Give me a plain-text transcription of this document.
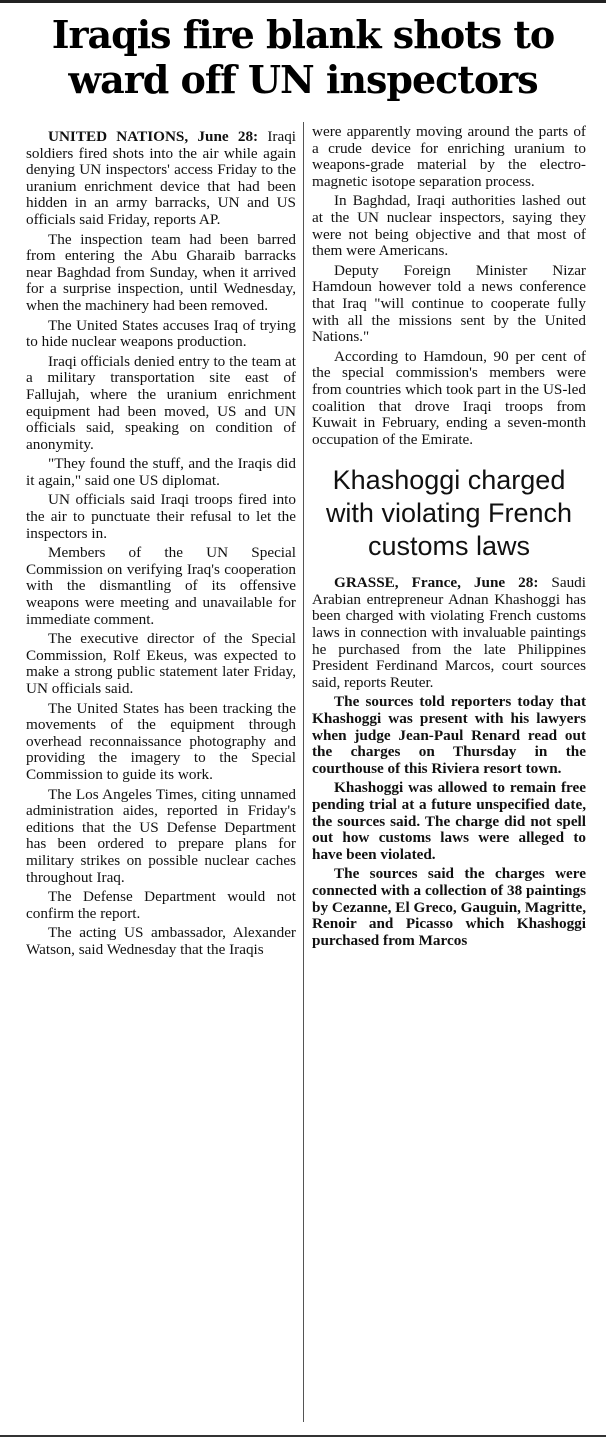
Iraqis fire blank shots to ward off UN inspectors

UNITED NATIONS, June 28: Iraqi soldiers fired shots into the air while again denying UN inspectors' access Friday to the uranium enrichment device that had been hidden in an army barracks, UN and US officials said Friday, reports AP.

The inspection team had been barred from entering the Abu Gharaib barracks near Baghdad from Sunday, when it arrived for a surprise inspection, until Wednesday, when the machinery had been removed.

The United States accuses Iraq of trying to hide nuclear weapons production.

Iraqi officials denied entry to the team at a military transportation site east of Fallujah, where the uranium enrichment equipment had been moved, US and UN officials said, speaking on condition of anonymity.

"They found the stuff, and the Iraqis did it again," said one US diplomat.

UN officials said Iraqi troops fired into the air to punctuate their refusal to let the inspectors in.

Members of the UN Special Commission on verifying Iraq's cooperation with the dismantling of its offensive weapons were meeting and unavailable for immediate comment.

The executive director of the Special Commission, Rolf Ekeus, was expected to make a strong public statement later Friday, UN officials said.

The United States has been tracking the movements of the equipment through overhead reconnaissance photography and providing the imagery to the Special Commission to guide its work.

The Los Angeles Times, citing unnamed administration aides, reported in Friday's editions that the US Defense Department has been ordered to prepare plans for military strikes on possible nuclear caches throughout Iraq.

The Defense Department would not confirm the report.

The acting US ambassador, Alexander Watson, said Wednesday that the Iraqis

were apparently moving around the parts of a crude device for enriching uranium to weapons-grade material by the electro-magnetic isotope separation process.

In Baghdad, Iraqi authorities lashed out at the UN nuclear inspectors, saying they were not being objective and that most of them were Americans.

Deputy Foreign Minister Nizar Hamdoun however told a news conference that Iraq "will continue to cooperate fully with all the missions sent by the United Nations."

According to Hamdoun, 90 per cent of the special commission's members were from countries which took part in the US-led coalition that drove Iraqi troops from Kuwait in February, ending a seven-month occupation of the Emirate.

Khashoggi charged with violating French customs laws

GRASSE, France, June 28: Saudi Arabian entrepreneur Adnan Khashoggi has been charged with violating French customs laws in connection with invaluable paintings he purchased from the late Philippines President Ferdinand Marcos, court sources said, reports Reuter.

The sources told reporters today that Khashoggi was present with his lawyers when judge Jean-Paul Renard read out the charges on Thursday in the courthouse of this Riviera resort town.

Khashoggi was allowed to remain free pending trial at a future unspecified date, the sources said. The charge did not spell out how customs laws were alleged to have been violated.

The sources said the charges were connected with a collection of 38 paintings by Cezanne, El Greco, Gauguin, Magritte, Renoir and Picasso which Khashoggi purchased from Marcos
